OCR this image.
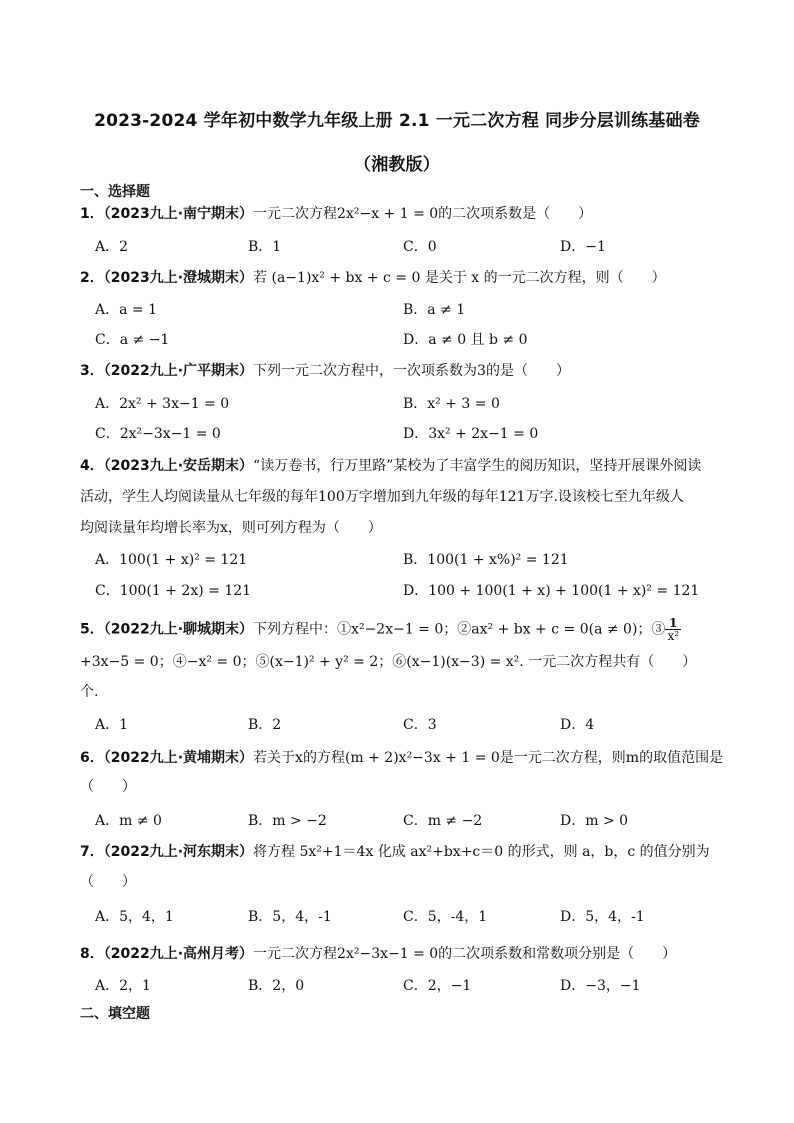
2023-2024 学年初中数学九年级上册 2.1 一元二次方程 同步分层训练基础卷
（湘教版）
一、选择题
1．（2023九上·南宁期末）一元二次方程2x²−x + 1 = 0的二次项系数是（　　）
A．2	B．1	C．0	D．−1
2．（2023九上·澄城期末）若 (a−1)x² + bx + c = 0 是关于 x 的一元二次方程，则（　　）
A．a = 1	B．a ≠ 1
C．a ≠ −1	D．a ≠ 0 且 b ≠ 0
3．（2022九上·广平期末）下列一元二次方程中，一次项系数为3的是（　　）
A．2x² + 3x−1 = 0	B．x² + 3 = 0
C．2x²−3x−1 = 0	D．3x² + 2x−1 = 0
4．（2023九上·安岳期末）“读万卷书，行万里路”某校为了丰富学生的阅历知识，坚持开展课外阅读
活动，学生人均阅读量从七年级的每年100万字增加到九年级的每年121万字.设该校七至九年级人
均阅读量年均增长率为x，则可列方程为（　　）
A．100(1 + x)² = 121	B．100(1 + x%)² = 121
C．100(1 + 2x) = 121	D．100 + 100(1 + x) + 100(1 + x)² = 121
5．（2022九上·聊城期末）下列方程中：①x²−2x−1 = 0；②ax² + bx + c = 0(a ≠ 0)；③ $\frac{1}{\text{x²}}$
+3x−5 = 0；④−x² = 0；⑤(x−1)² + y² = 2；⑥(x−1)(x−3) = x². 一元二次方程共有（　　）
个.
A．1	B．2	C．3	D．4
6．（2022九上·黄埔期末）若关于x的方程(m + 2)x²−3x + 1 = 0是一元二次方程，则m的取值范围是
（　　）
A．m ≠ 0	B．m > −2	C．m ≠ −2	D．m > 0
7．（2022九上·河东期末）将方程 5x²+1＝4x 化成 ax²+bx+c＝0 的形式，则 a，b，c 的值分别为
（　　）
A．5，4，1	B．5，4，-1	C．5，-4，1	D．5，4，-1
8．（2022九上·高州月考）一元二次方程2x²−3x−1 = 0的二次项系数和常数项分别是（　　）
A．2，1	B．2，0	C．2，−1	D．−3，−1
二、填空题
